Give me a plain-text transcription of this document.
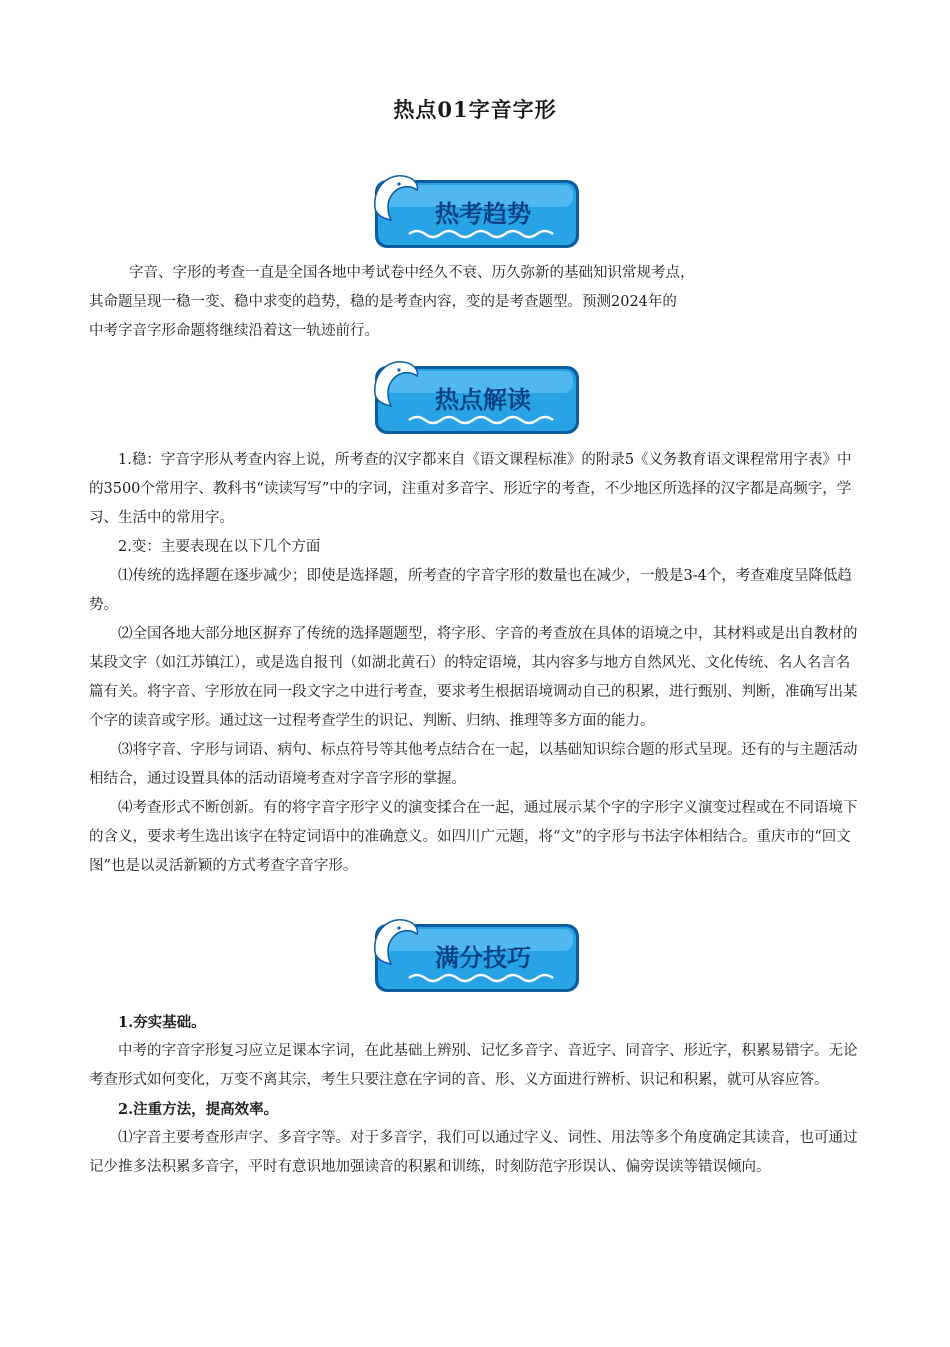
热点01字音字形
热考趋势

字音、字形的考查一直是全国各地中考试卷中经久不衰、历久弥新的基础知识常规考点，

其命题呈现一稳一变、稳中求变的趋势，稳的是考查内容，变的是考查题型。预测2024年的

中考字音字形命题将继续沿着这一轨迹前行。

热点解读

1.稳：字音字形从考查内容上说，所考查的汉字都来自《语文课程标准》的附录5《义务教育语文课程常用字表》中的3500个常用字、教科书“读读写写”中的字词，注重对多音字、形近字的考查，不少地区所选择的汉字都是高频字，学习、生活中的常用字。

2.变：主要表现在以下几个方面

⑴传统的选择题在逐步减少；即使是选择题，所考查的字音字形的数量也在减少，一般是3-4个，考查难度呈降低趋势。

⑵全国各地大部分地区摒弃了传统的选择题题型，将字形、字音的考查放在具体的语境之中，其材料或是出自教材的某段文字（如江苏镇江），或是选自报刊（如湖北黄石）的特定语境，其内容多与地方自然风光、文化传统、名人名言名篇有关。将字音、字形放在同一段文字之中进行考查，要求考生根据语境调动自己的积累，进行甄别、判断，准确写出某个字的读音或字形。通过这一过程考查学生的识记、判断、归纳、推理等多方面的能力。

⑶将字音、字形与词语、病句、标点符号等其他考点结合在一起，以基础知识综合题的形式呈现。还有的与主题活动相结合，通过设置具体的活动语境考查对字音字形的掌握。

⑷考查形式不断创新。有的将字音字形字义的演变揉合在一起，通过展示某个字的字形字义演变过程或在不同语境下的含义，要求考生选出该字在特定词语中的准确意义。如四川广元题，将“文”的字形与书法字体相结合。重庆市的“回文图”也是以灵活新颖的方式考查字音字形。

满分技巧

1.夯实基础。

中考的字音字形复习应立足课本字词，在此基础上辨别、记忆多音字、音近字、同音字、形近字，积累易错字。无论考查形式如何变化，万变不离其宗，考生只要注意在字词的音、形、义方面进行辨析、识记和积累，就可从容应答。

2.注重方法，提高效率。

⑴字音主要考查形声字、多音字等。对于多音字，我们可以通过字义、词性、用法等多个角度确定其读音，也可通过记少推多法积累多音字，平时有意识地加强读音的积累和训练，时刻防范字形误认、偏旁误读等错误倾向。
